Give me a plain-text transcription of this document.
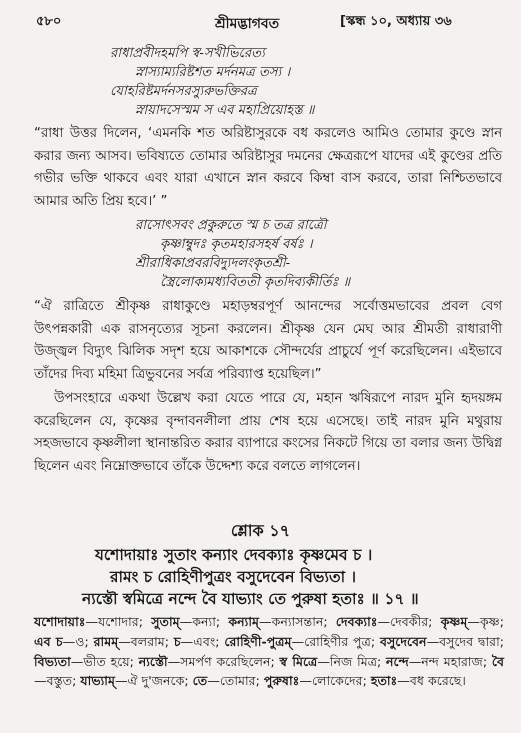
৫৮০	শ্রীমদ্ভাগবত	[স্কন্ধ ১০, অধ্যায় ৩৬
রাধাপ্রবীদহমপি স্ব-সখীভিরেত্য
স্নাস্যাম্যরিষ্টশত মর্দনমত্র তস্য ।
যোহরিষ্টমর্দনসরস্যুরুভক্তিরত্র
স্নায়াদসেস্মম স এব মহাপ্রিয়োহস্ত ॥

“রাধা উত্তর দিলেন, ‘এমনকি শত অরিষ্টাসুরকে বধ করলেও আমিও তোমার কুণ্ডে স্নান করার জন্য আসব। ভবিষ্যতে তোমার অরিষ্টাসুর দমনের ক্ষেত্ররূপে যাদের এই কুণ্ডের প্রতি গভীর ভক্তি থাকবে এবং যারা এখানে স্নান করবে কিম্বা বাস করবে, তারা নিশ্চিতভাবে আমার অতি প্রিয় হবে।’ ”

রাসোৎসবং প্রকুরুতে স্ম চ তত্র রাত্রৌ
কৃষ্ণাম্বুদঃ কৃতমহারসহর্ষ বর্ষঃ ।
শ্রীরাধিকাপ্রবরবিদ্যুদলংকৃতশ্রী-
স্ত্রৈলোক্যমধ্যবিততী কৃতদিব্যকীর্তিঃ ॥

“ঐ রাত্রিতে শ্রীকৃষ্ণ রাধাকুণ্ডে মহাড়ম্বরপূর্ণ আনন্দের সর্বোত্তমভাবের প্রবল বেগ উৎপন্নকারী এক রাসনৃত্যের সূচনা করলেন। শ্রীকৃষ্ণ যেন মেঘ আর শ্রীমতী রাধারাণী উজ্জ্বল বিদ্যুৎ ঝিলিক সদৃশ হয়ে আকাশকে সৌন্দর্যের প্রাচুর্যে পূর্ণ করেছিলেন। এইভাবে তাঁদের দিব্য মহিমা ত্রিভুবনের সর্বত্র পরিব্যাপ্ত হয়েছিল।”

উপসংহারে একথা উল্লেখ করা যেতে পারে যে, মহান ঋষিরূপে নারদ মুনি হৃদয়ঙ্গম করেছিলেন যে, কৃষ্ণের বৃন্দাবনলীলা প্রায় শেষ হয়ে এসেছে। তাই নারদ মুনি মথুরায় সহজভাবে কৃষ্ণলীলা স্থানান্তরিত করার ব্যাপারে কংসের নিকটে গিয়ে তা বলার জন্য উদ্বিগ্ন ছিলেন এবং নিম্নোক্তভাবে তাঁকে উদ্দেশ্য করে বলতে লাগলেন।

শ্লোক ১৭
যশোদায়াঃ সুতাং কন্যাং দেবক্যাঃ কৃষ্ণমেব চ ।
রামং চ রোহিণীপুত্রং বসুদেবেন বিভ্যতা ।
ন্যস্তৌ স্বমিত্রে নন্দে বৈ যাভ্যাং তে পুরুষা হতাঃ ॥ ১৭ ॥

যশোদায়াঃ—যশোদার; সুতাম্—কন্যা; কন্যাম্—কন্যাসন্তান; দেবক্যাঃ—দেবকীর; কৃষ্ণম্—কৃষ্ণ; এব চ—ও; রামম্—বলরাম; চ—এবং; রোহিণী-পুত্রম্—রোহিণীর পুত্র; বসুদেবেন—বসুদেব দ্বারা; বিভ্যতা—ভীত হয়ে; ন্যস্তৌ—সমর্পণ করেছিলেন; স্ব মিত্রে—নিজ মিত্র; নন্দে—নন্দ মহারাজ; বৈ—বস্তুত; যাভ্যাম্—ঐ দু'জনকে; তে—তোমার; পুরুষাঃ—লোকেদের; হতাঃ—বধ করেছে।
